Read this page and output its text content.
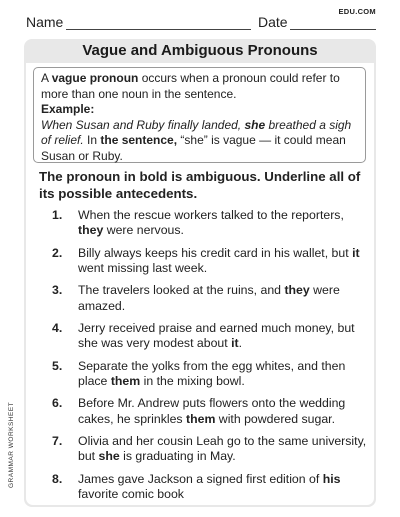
Name	Date
EDU.COM
Vague and Ambiguous Pronouns

A vague pronoun occurs when a pronoun could refer to more than one noun in the sentence.

Example:

When Susan and Ruby finally landed, she breathed a sigh of relief. In the sentence, “she” is vague — it could mean Susan or Ruby.

The pronoun in bold is ambiguous. Underline all of its possible antecedents.
1.	When the rescue workers talked to the reporters, they were nervous.
2.	Billy always keeps his credit card in his wallet, but it went missing last week.
3.	The travelers looked at the ruins, and they were amazed.
4.	Jerry received praise and earned much money, but she was very modest about it.
5.	Separate the yolks from the egg whites, and then place them in the mixing bowl.
6.	Before Mr. Andrew puts flowers onto the wedding cakes, he sprinkles them with powdered sugar.
7.	Olivia and her cousin Leah go to the same university, but she is graduating in May.
8.	James gave Jackson a signed first edition of his favorite comic book
GRAMMAR WORKSHEET
